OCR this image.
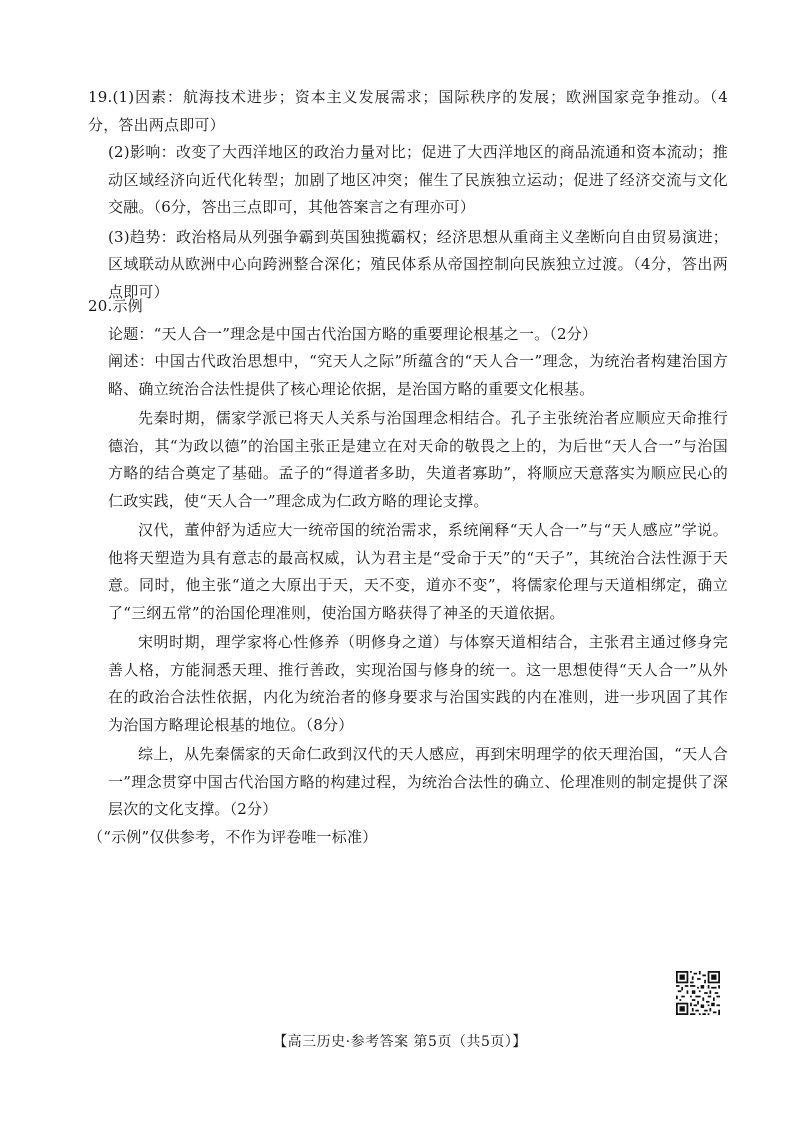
19.(1)因素：航海技术进步；资本主义发展需求；国际秩序的发展；欧洲国家竞争推动。（4分，答出两点即可）

(2)影响：改变了大西洋地区的政治力量对比；促进了大西洋地区的商品流通和资本流动；推动区域经济向近代化转型；加剧了地区冲突；催生了民族独立运动；促进了经济交流与文化交融。（6分，答出三点即可，其他答案言之有理亦可）

(3)趋势：政治格局从列强争霸到英国独揽霸权；经济思想从重商主义垄断向自由贸易演进；区域联动从欧洲中心向跨洲整合深化；殖民体系从帝国控制向民族独立过渡。（4分，答出两点即可）

20.示例

论题：“天人合一”理念是中国古代治国方略的重要理论根基之一。（2分）

阐述：中国古代政治思想中，“究天人之际”所蕴含的“天人合一”理念，为统治者构建治国方略、确立统治合法性提供了核心理论依据，是治国方略的重要文化根基。

先秦时期，儒家学派已将天人关系与治国理念相结合。孔子主张统治者应顺应天命推行德治，其“为政以德”的治国主张正是建立在对天命的敬畏之上的，为后世“天人合一”与治国方略的结合奠定了基础。孟子的“得道者多助，失道者寡助”，将顺应天意落实为顺应民心的仁政实践，使“天人合一”理念成为仁政方略的理论支撑。

汉代，董仲舒为适应大一统帝国的统治需求，系统阐释“天人合一”与“天人感应”学说。他将天塑造为具有意志的最高权威，认为君主是“受命于天”的“天子”，其统治合法性源于天意。同时，他主张“道之大原出于天，天不变，道亦不变”，将儒家伦理与天道相绑定，确立了“三纲五常”的治国伦理准则，使治国方略获得了神圣的天道依据。

宋明时期，理学家将心性修养（明修身之道）与体察天道相结合，主张君主通过修身完善人格，方能洞悉天理、推行善政，实现治国与修身的统一。这一思想使得“天人合一”从外在的政治合法性依据，内化为统治者的修身要求与治国实践的内在准则，进一步巩固了其作为治国方略理论根基的地位。（8分）

综上，从先秦儒家的天命仁政到汉代的天人感应，再到宋明理学的依天理治国，“天人合一”理念贯穿中国古代治国方略的构建过程，为统治合法性的确立、伦理准则的制定提供了深层次的文化支撑。（2分）

（“示例”仅供参考，不作为评卷唯一标准）

【高三历史·参考答案 第5页（共5页）】
